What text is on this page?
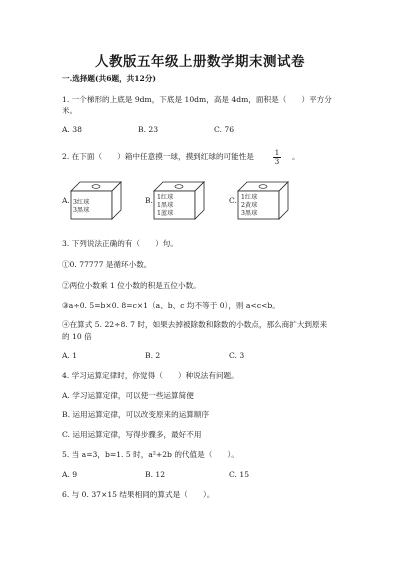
人教版五年级上册数学期末测试卷
一.选择题(共6题，共12分)
1. 一个梯形的上底是 9dm，下底是 10dm，高是 4dm，面积是（　　）平方分
米。
A. 38	B. 23	C. 76
2. 在下面（　　）箱中任意摸一球，摸到红球的可能性是	1
3
。
A. 3红球
3黑球
B. 1红球
1黑球
1蓝球
C. 1红球
2黄球
3黑球
3. 下列说法正确的有（　　）句。
①0. 77777 是循环小数。
②两位小数乘 1 位小数的积是五位小数。
③a÷0. 5=b×0. 8=c×1（a、b、c 均不等于 0），则 a<c<b。
④在算式 5. 22÷8. 7 时，如果去掉被除数和除数的小数点，那么商扩大到原来
的 10 倍
A. 1	B. 2	C. 3
4. 学习运算定律时，你觉得（　　）种说法有问题。
A. 学习运算定律，可以使一些运算简便
B. 运用运算定律，可以改变原来的运算顺序
C. 运用运算定律，写得步骤多，最好不用
5. 当 a=3，b=1. 5 时，a²+2b 的代值是（　　）。
A. 9	B. 12	C. 15
6. 与 0. 37×15 结果相同的算式是（　　）。
